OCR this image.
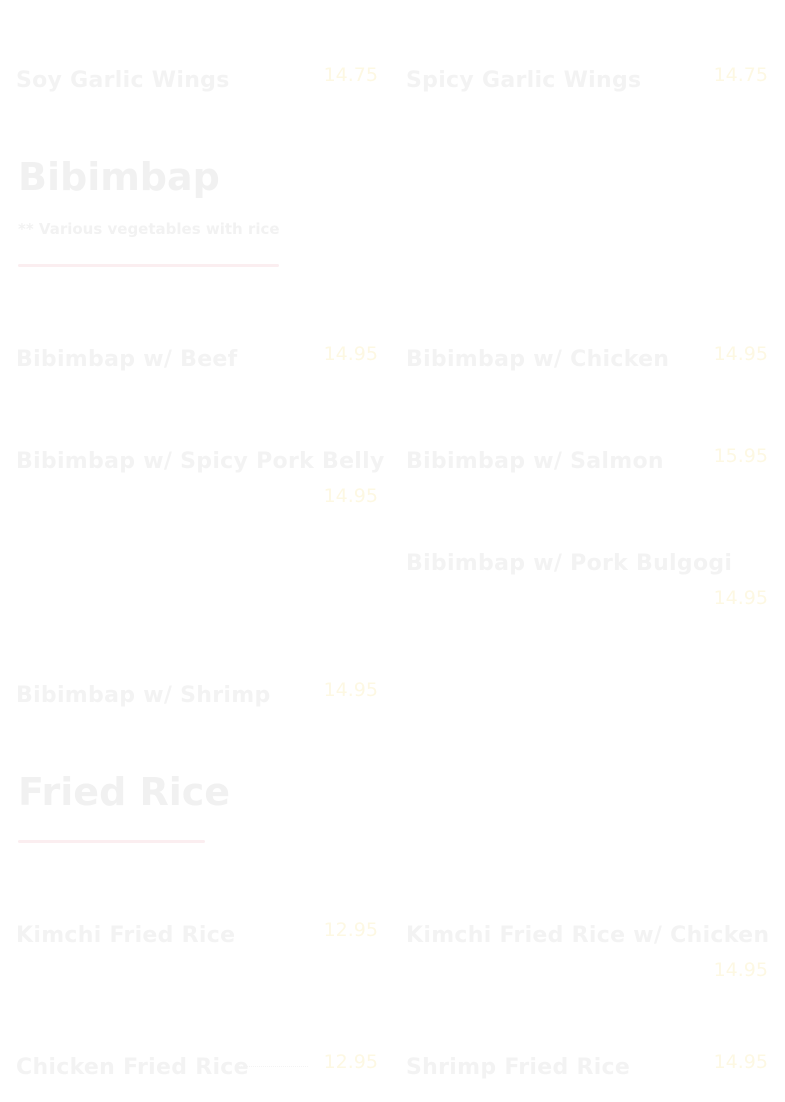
Soy Garlic Wings	14.75 Spicy Garlic Wings	14.75
Bibimbap
** Various vegetables with rice
Bibimbap w/ Beef	14.95 Bibimbap w/ Chicken	14.95
Bibimbap w/ Spicy Pork Belly
14.95
Bibimbap w/ Salmon	15.95
Bibimbap w/ Pork Bulgogi
14.95
Bibimbap w/ Shrimp	14.95
Fried Rice
Kimchi Fried Rice	12.95 Kimchi Fried Rice w/ Chicken
14.95
Chicken Fried Rice	12.95 Shrimp Fried Rice	14.95
